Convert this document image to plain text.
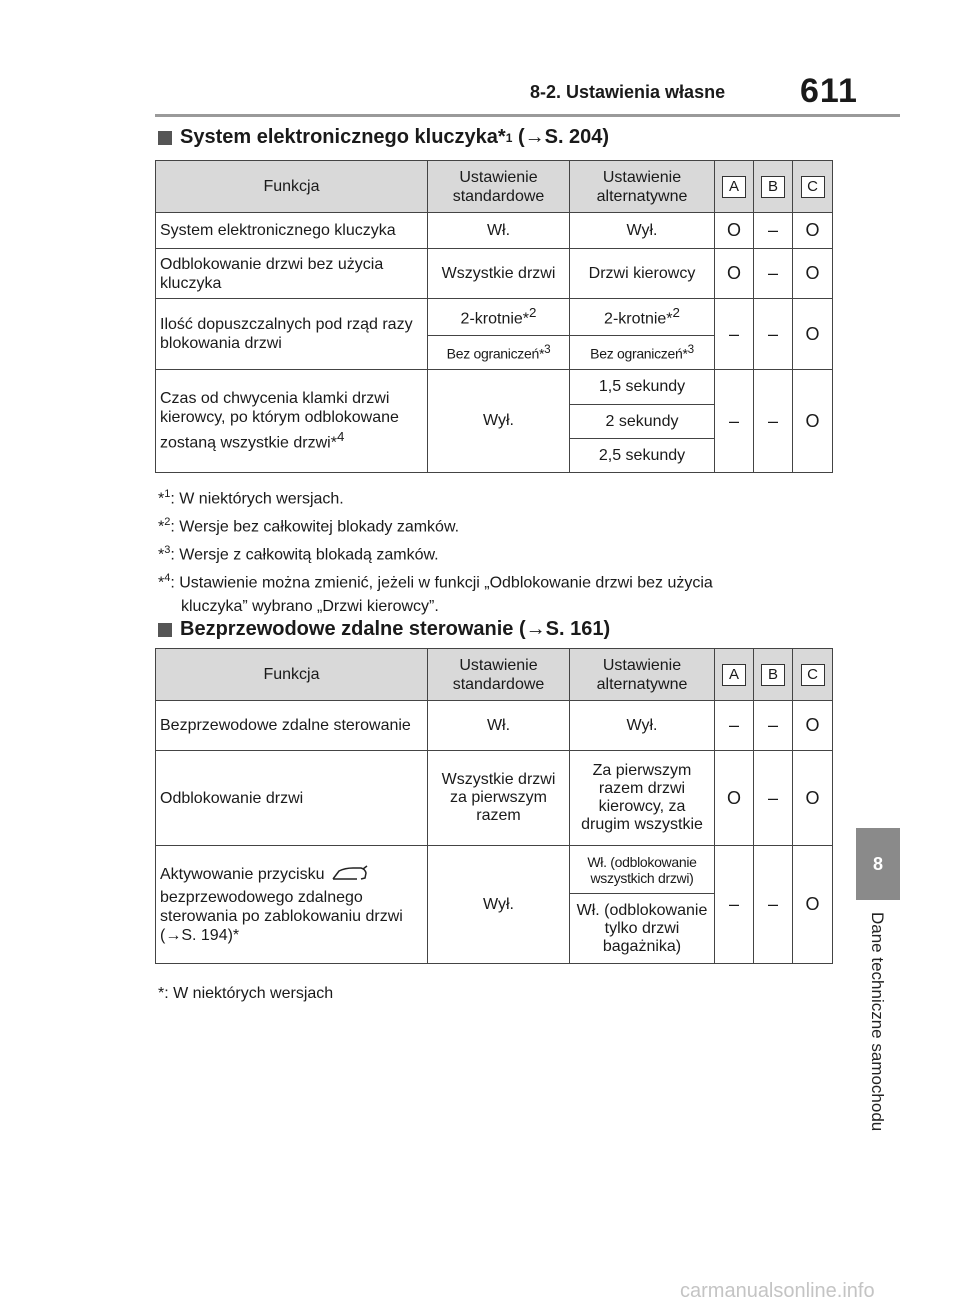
8-2. Ustawienia własne 611
8
Dane techniczne samochodu
System elektronicznego kluczyka* 1 (→S. 204)
Funkcja	Ustawienie standardowe	Ustawienie alternatywne	A	B	C
System elektronicznego kluczyka	Wł.	Wył.	O	–	O
Odblokowanie drzwi bez użycia kluczyka	Wszystkie drzwi	Drzwi kierowcy	O	–	O
Ilość dopuszczalnych pod rząd razy blokowania drzwi	2-krotnie*$^2$	2-krotnie*$^2$	–	–	O
	Bez ograniczeń*$^3$	Bez ograniczeń*$^3$
Czas od chwycenia klamki drzwi kierowcy, po którym odblokowane zostaną wszystkie drzwi*$^4$	Wył.	1,5 sekundy	–	–	O
		2 sekundy			
		2,5 sekundy			
*$^1$: W niektórych wersjach.
*$^2$: Wersje bez całkowitej blokady zamków.
*$^3$: Wersje z całkowitą blokadą zamków.
*$^4$: Ustawienie można zmienić, jeżeli w funkcji „Odblokowanie drzwi bez użycia
kluczyka” wybrano „Drzwi kierowcy”.
Bezprzewodowe zdalne sterowanie (→S. 161)
Funkcja	Ustawienie standardowe	Ustawienie alternatywne	A	B	C
Bezprzewodowe zdalne sterowanie	Wł.	Wył.	–	–	O
Odblokowanie drzwi	Wszystkie drzwi za pierwszym razem	Za pierwszym razem drzwi kierowcy, za drugim wszystkie	O	–	O

Aktywowanie przycisku
bezprzewodowego zdalnego sterowania po zablokowaniu drzwi (→S. 194)*	Wył.	Wł. (odblokowanie wszystkich drzwi)	–	–	O
		Wł. (odblokowanie tylko drzwi bagażnika)			
*: W niektórych wersjach
carmanualsonline.info
